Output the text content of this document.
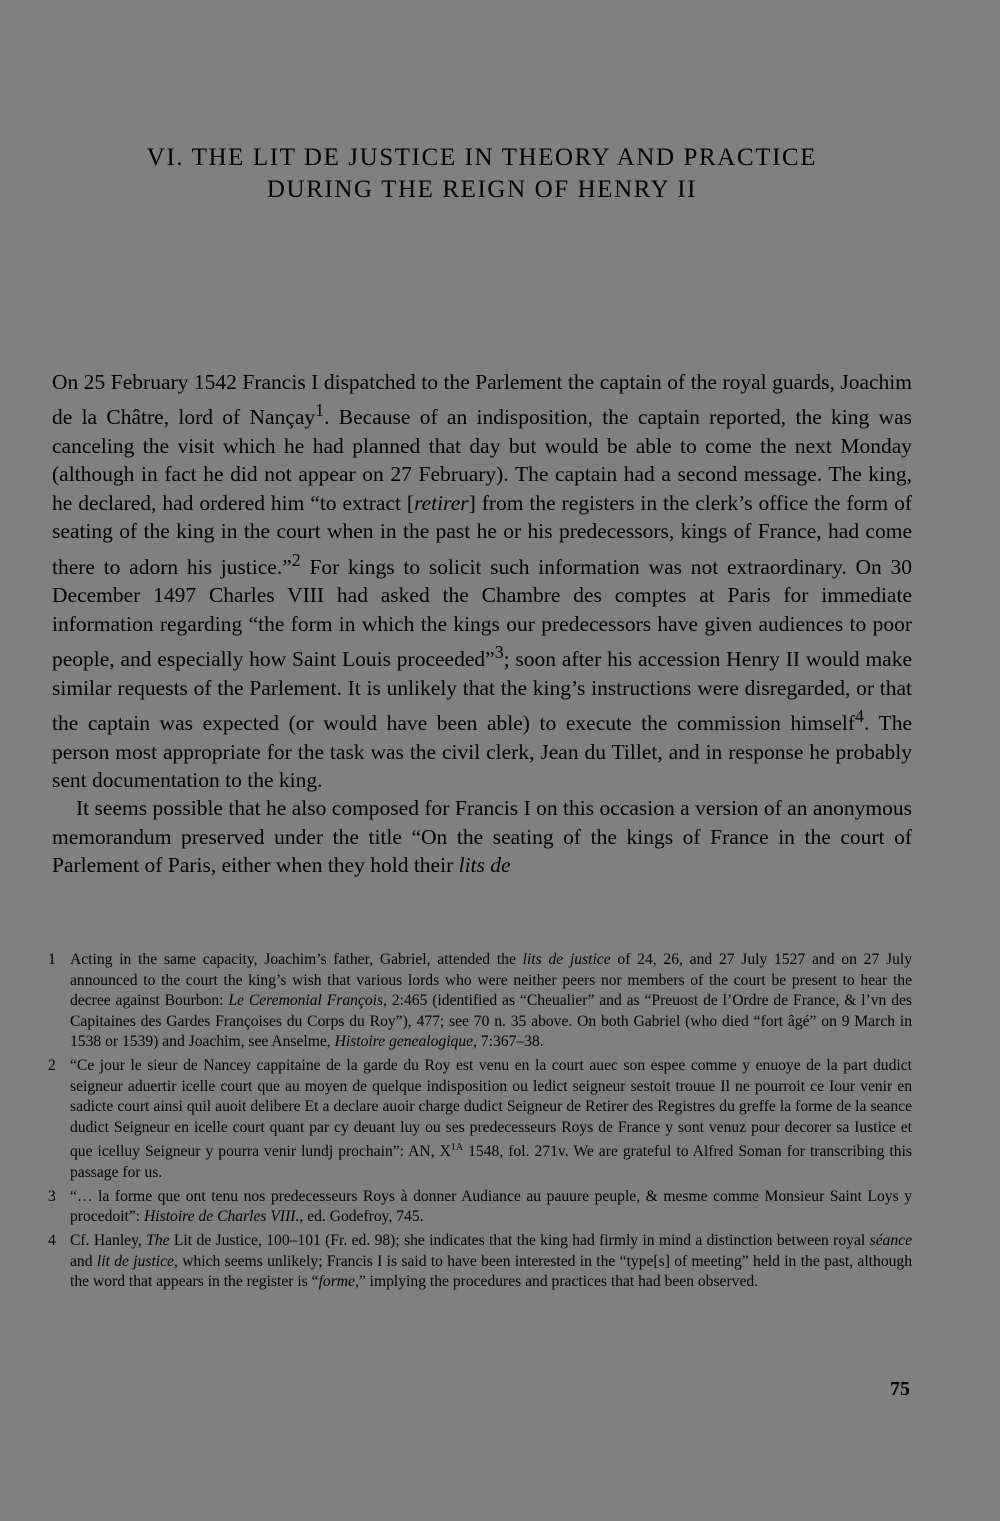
VI. THE LIT DE JUSTICE IN THEORY AND PRACTICE
DURING THE REIGN OF HENRY II

On 25 February 1542 Francis I dispatched to the Parlement the captain of the royal guards, Joachim de la Châtre, lord of Nançay$^1$. Because of an indisposition, the captain reported, the king was canceling the visit which he had planned that day but would be able to come the next Monday (although in fact he did not appear on 27 February). The captain had a second message. The king, he declared, had ordered him “to extract [retirer] from the registers in the clerk’s office the form of seating of the king in the court when in the past he or his predecessors, kings of France, had come there to adorn his justice.”$^2$ For kings to solicit such information was not extraordinary. On 30 December 1497 Charles VIII had asked the Chambre des comptes at Paris for immediate information regarding “the form in which the kings our predecessors have given audiences to poor people, and especially how Saint Louis proceeded”$^3$; soon after his accession Henry II would make similar requests of the Parlement. It is unlikely that the king’s instructions were disregarded, or that the captain was expected (or would have been able) to execute the commission himself$^4$. The person most appropriate for the task was the civil clerk, Jean du Tillet, and in response he probably sent documentation to the king.

It seems possible that he also composed for Francis I on this occasion a version of an anonymous memorandum preserved under the title “On the seating of the kings of France in the court of Parlement of Paris, either when they hold their lits de

1 Acting in the same capacity, Joachim’s father, Gabriel, attended the lits de justice of 24, 26, and 27 July 1527 and on 27 July announced to the court the king’s wish that various lords who were neither peers nor members of the court be present to hear the decree against Bourbon: Le Ceremonial François, 2:465 (identified as “Cheualier” and as “Preuost de l’Ordre de France, & l’vn des Capitaines des Gardes Françoises du Corps du Roy”), 477; see 70 n. 35 above. On both Gabriel (who died “fort âgé” on 9 March in 1538 or 1539) and Joachim, see Anselme, Histoire genealogique, 7:367–38.
2 “Ce jour le sieur de Nancey cappitaine de la garde du Roy est venu en la court auec son espee comme y enuoye de la part dudict seigneur aduertir icelle court que au moyen de quelque indisposition ou ledict seigneur sestoit trouue Il ne pourroit ce Iour venir en sadicte court ainsi quil auoit delibere Et a declare auoir charge dudict Seigneur de Retirer des Registres du greffe la forme de la seance dudict Seigneur en icelle court quant par cy deuant luy ou ses predecesseurs Roys de France y sont venuz pour decorer sa Iustice et que icelluy Seigneur y pourra venir lundj prochain”: AN, $X^{1A}$ 1548, fol. 271v. We are grateful to Alfred Soman for transcribing this passage for us.
3 “… la forme que ont tenu nos predecesseurs Roys à donner Audiance au pauure peuple, & mesme comme Monsieur Saint Loys y procedoit”: Histoire de Charles VIII., ed. Godefroy, 745.
4 Cf. Hanley, The Lit de Justice, 100–101 (Fr. ed. 98); she indicates that the king had firmly in mind a distinction between royal séance and lit de justice, which seems unlikely; Francis I is said to have been interested in the “type[s] of meeting” held in the past, although the word that appears in the register is “forme,” implying the procedures and practices that had been observed.
75
